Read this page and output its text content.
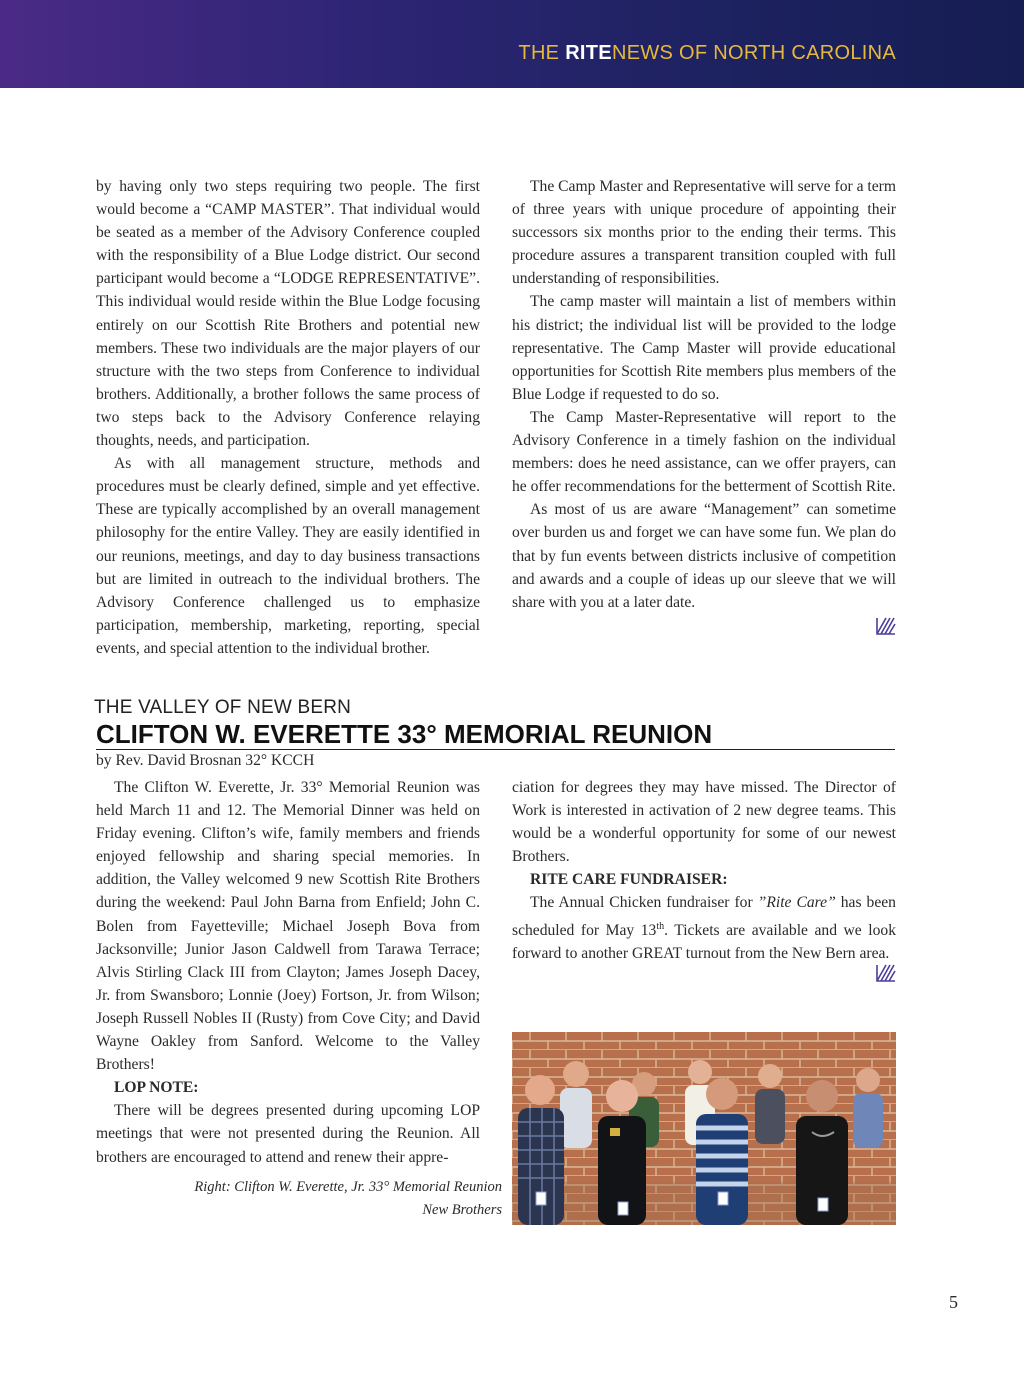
THE RITENEWS OF NORTH CAROLINA

by having only two steps requiring two people. The first would become a “CAMP MASTER”. That individual would be seated as a member of the Advisory Conference coupled with the responsibility of a Blue Lodge district. Our second participant would become a “LODGE REPRESENTATIVE”. This individual would reside within the Blue Lodge focusing entirely on our Scottish Rite Brothers and potential new members. These two individuals are the major players of our structure with the two steps from Conference to individual brothers. Additionally, a brother follows the same process of two steps back to the Advisory Conference relaying thoughts, needs, and participation.

As with all management structure, methods and procedures must be clearly defined, simple and yet effective. These are typically accomplished by an overall management philosophy for the entire Valley. They are easily identified in our reunions, meetings, and day to day business transactions but are limited in outreach to the individual brothers. The Advisory Conference challenged us to emphasize participation, membership, marketing, reporting, special events, and special attention to the individual brother.

The Camp Master and Representative will serve for a term of three years with unique procedure of appointing their successors six months prior to the ending their terms. This procedure assures a transparent transition coupled with full understanding of responsibilities.

The camp master will maintain a list of members within his district; the individual list will be provided to the lodge representative. The Camp Master will provide educational opportunities for Scottish Rite members plus members of the Blue Lodge if requested to do so.

The Camp Master-Representative will report to the Advisory Conference in a timely fashion on the individual members: does he need assistance, can we offer prayers, can he offer recommendations for the betterment of Scottish Rite.

As most of us are aware “Management” can sometime over burden us and forget we can have some fun. We plan do that by fun events between districts inclusive of competition and awards and a couple of ideas up our sleeve that we will share with you at a later date.

THE VALLEY OF NEW BERN
CLIFTON W. EVERETTE 33° MEMORIAL REUNION
by Rev. David Brosnan 32° KCCH

The Clifton W. Everette, Jr. 33° Memorial Reunion was held March 11 and 12. The Memorial Dinner was held on Friday evening. Clifton’s wife, family members and friends enjoyed fellowship and sharing special memories. In addition, the Valley welcomed 9 new Scottish Rite Brothers during the weekend: Paul John Barna from Enfield; John C. Bolen from Fayetteville; Michael Joseph Bova from Jacksonville; Junior Jason Caldwell from Tarawa Terrace; Alvis Stirling Clack III from Clayton; James Joseph Dacey, Jr. from Swansboro; Lonnie (Joey) Fortson, Jr. from Wilson; Joseph Russell Nobles II (Rusty) from Cove City; and David Wayne Oakley from Sanford. Welcome to the Valley Brothers!

LOP NOTE:

There will be degrees presented during upcoming LOP meetings that were not presented during the Reunion. All brothers are encouraged to attend and renew their appre-

ciation for degrees they may have missed. The Director of Work is interested in activation of 2 new degree teams. This would be a wonderful opportunity for some of our newest Brothers.

RITE CARE FUNDRAISER:

The Annual Chicken fundraiser for ”Rite Care” has been scheduled for May 13th. Tickets are available and we look forward to another GREAT turnout from the New Bern area.

Right: Clifton W. Everette, Jr. 33° Memorial Reunion
New Brothers
5
